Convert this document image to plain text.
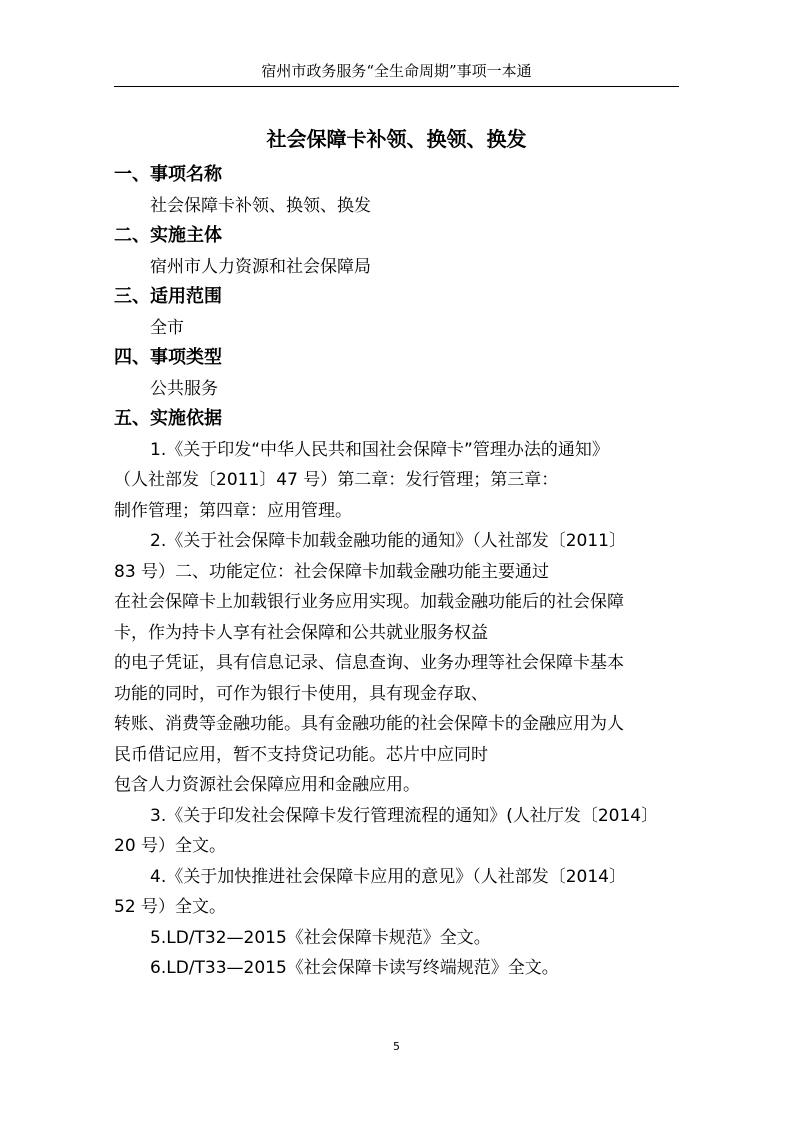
宿州市政务服务“全生命周期”事项一本通
社会保障卡补领、换领、换发
一、事项名称
社会保障卡补领、换领、换发
二、实施主体
宿州市人力资源和社会保障局
三、适用范围
全市
四、事项类型
公共服务
五、实施依据
1.《关于印发“中华人民共和国社会保障卡”管理办法的通知》
（人社部发〔2011〕47 号）第二章：发行管理；第三章：
制作管理；第四章：应用管理。
2.《关于社会保障卡加载金融功能的通知》（人社部发〔2011〕
83 号）二、功能定位：社会保障卡加载金融功能主要通过
在社会保障卡上加载银行业务应用实现。加载金融功能后的社会保障
卡，作为持卡人享有社会保障和公共就业服务权益
的电子凭证，具有信息记录、信息查询、业务办理等社会保障卡基本
功能的同时，可作为银行卡使用，具有现金存取、
转账、消费等金融功能。具有金融功能的社会保障卡的金融应用为人
民币借记应用，暂不支持贷记功能。芯片中应同时
包含人力资源社会保障应用和金融应用。
3.《关于印发社会保障卡发行管理流程的通知》(人社厅发〔2014〕
20 号）全文。
4.《关于加快推进社会保障卡应用的意见》（人社部发〔2014〕
52 号）全文。
5.LD/T32—2015《社会保障卡规范》全文。
6.LD/T33—2015《社会保障卡读写终端规范》全文。
5
